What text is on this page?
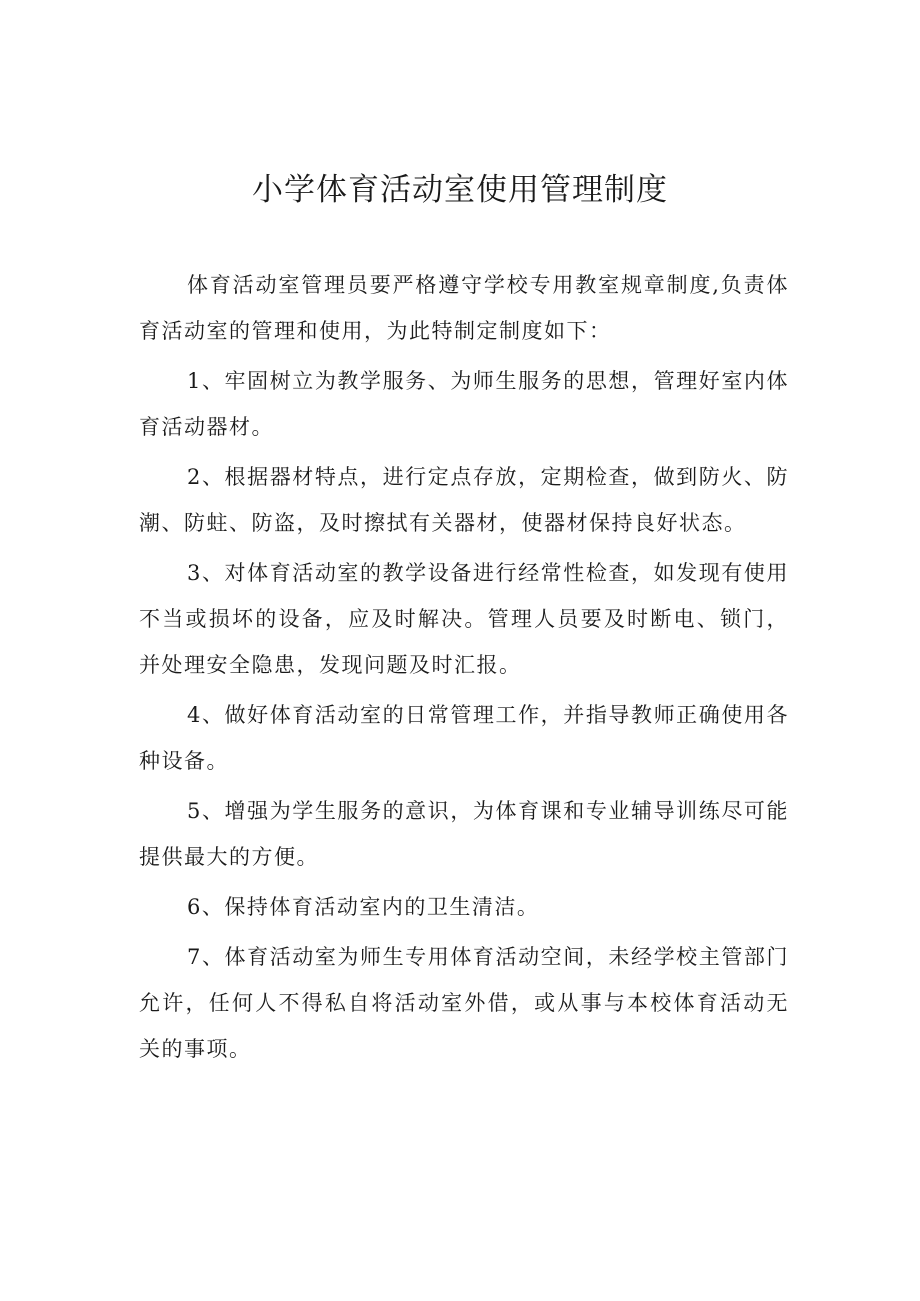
小学体育活动室使用管理制度

体育活动室管理员要严格遵守学校专用教室规章制度,负责体育活动室的管理和使用，为此特制定制度如下：

1、牢固树立为教学服务、为师生服务的思想，管理好室内体育活动器材。

2、根据器材特点，进行定点存放，定期检查，做到防火、防潮、防蛀、防盗，及时擦拭有关器材，使器材保持良好状态。

3、对体育活动室的教学设备进行经常性检查，如发现有使用不当或损坏的设备，应及时解决。管理人员要及时断电、锁门，并处理安全隐患，发现问题及时汇报。

4、做好体育活动室的日常管理工作，并指导教师正确使用各种设备。

5、增强为学生服务的意识，为体育课和专业辅导训练尽可能提供最大的方便。

6、保持体育活动室内的卫生清洁。

7、体育活动室为师生专用体育活动空间，未经学校主管部门允许，任何人不得私自将活动室外借，或从事与本校体育活动无关的事项。
